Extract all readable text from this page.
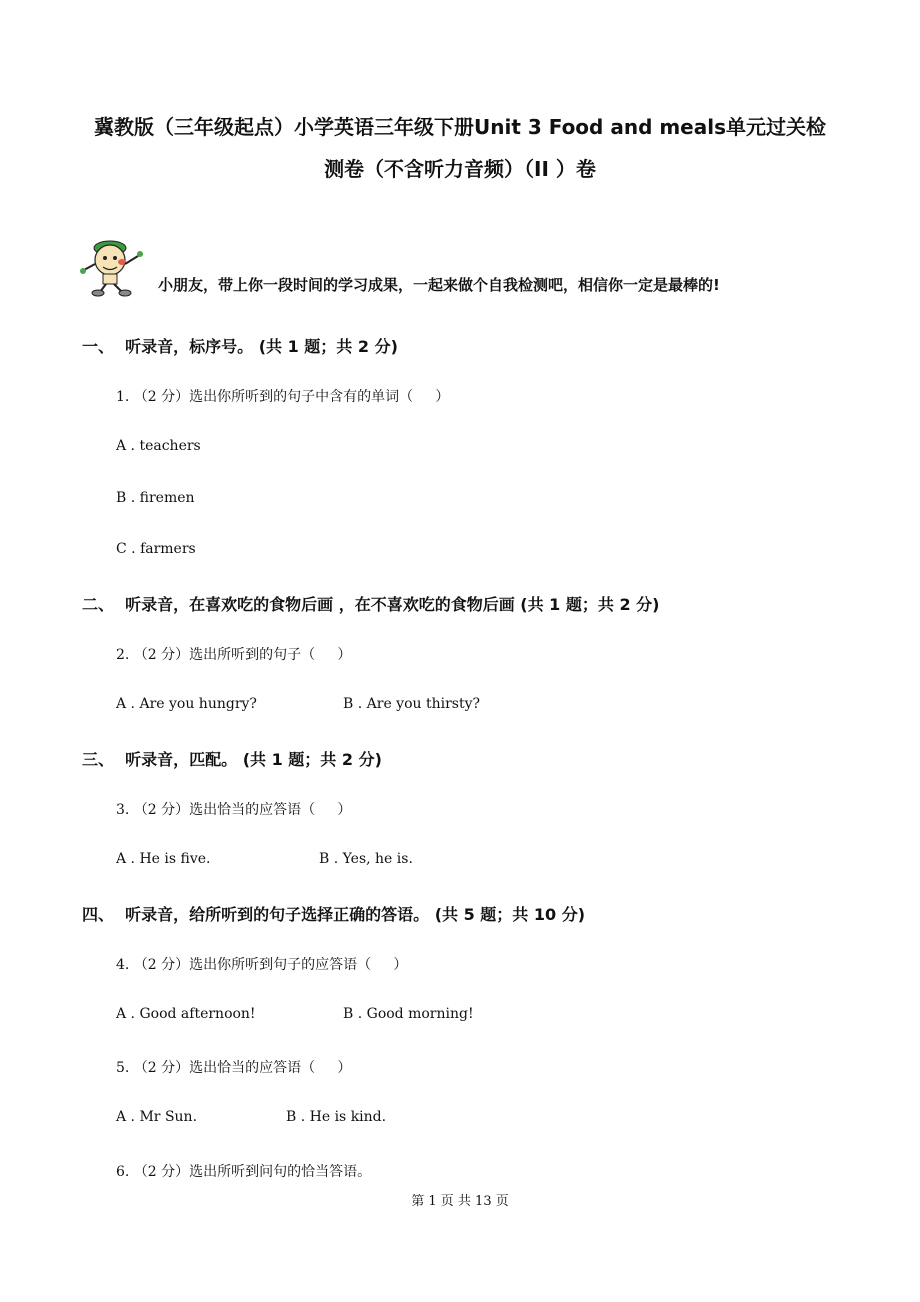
冀教版（三年级起点）小学英语三年级下册Unit 3 Food and meals单元过关检
测卷（不含听力音频）（II ）卷
小朋友，带上你一段时间的学习成果，一起来做个自我检测吧，相信你一定是最棒的!
一、  听录音，标序号。 (共 1 题；共 2 分)
1. （2 分）选出你所听到的句子中含有的单词（     ）
A . teachers
B . firemen
C . farmers
二、  听录音，在喜欢吃的食物后画 ，在不喜欢吃的食物后画 (共 1 题；共 2 分)
2. （2 分）选出所听到的句子（     ）
A . Are you hungry?	B . Are you thirsty?
三、  听录音，匹配。 (共 1 题；共 2 分)
3. （2 分）选出恰当的应答语（     ）
A . He is five.	B . Yes, he is.
四、  听录音，给所听到的句子选择正确的答语。 (共 5 题；共 10 分)
4. （2 分）选出你所听到句子的应答语（     ）
A . Good afternoon!	B . Good morning!
5. （2 分）选出恰当的应答语（     ）
A . Mr Sun.	B . He is kind.
6. （2 分）选出所听到问句的恰当答语。
第 1 页 共 13 页
